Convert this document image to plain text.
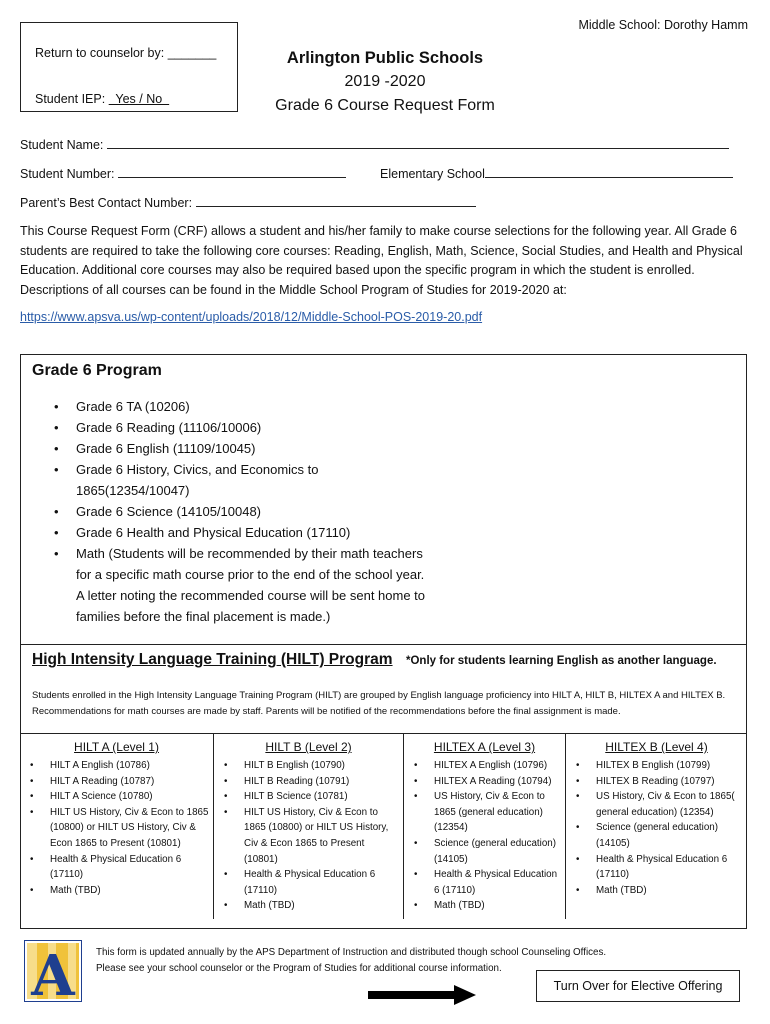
Middle School: Dorothy Hamm
Return to counselor by: _______
Student IEP:   Yes / No
Arlington Public Schools
2019 -2020
Grade 6 Course Request Form
Student Name:
Student Number:	Elementary School
Parent’s Best Contact Number:
This Course Request Form (CRF) allows a student and his/her family to make course selections for the following year. All Grade 6 students are required to take the following core courses: Reading, English, Math, Science, Social Studies, and Health and Physical Education. Additional core courses may also be required based upon the specific program in which the student is enrolled. Descriptions of all courses can be found in the Middle School Program of Studies for 2019-2020 at:
https://www.apsva.us/wp-content/uploads/2018/12/Middle-School-POS-2019-20.pdf
Grade 6 Program
• Grade 6 TA (10206)
• Grade 6 Reading (11106/10006)
• Grade 6 English (11109/10045)
• Grade 6 History, Civics, and Economics to 1865(12354/10047)
• Grade 6 Science (14105/10048)
• Grade 6 Health and Physical Education (17110)
• Math (Students will be recommended by their math teachers for a specific math course prior to the end of the school year. A letter noting the recommended course will be sent home to families before the final placement is made.)
High Intensity Language Training (HILT) Program *Only for students learning English as another language.
Students enrolled in the High Intensity Language Training Program (HILT) are grouped by English language proficiency into HILT A, HILT B, HILTEX A and HILTEX B. Recommendations for math courses are made by staff. Parents will be notified of the recommendations before the final assignment is made.
HILT A (Level 1)
• HILT A English (10786)
• HILT A Reading (10787)
• HILT A Science (10780)
• HILT US History, Civ & Econ to 1865 (10800) or HILT US History, Civ & Econ 1865 to Present (10801)
• Health & Physical Education 6 (17110)
• Math (TBD)
HILT B (Level 2)
• HILT B English (10790)
• HILT B Reading (10791)
• HILT B Science (10781)
• HILT US History, Civ & Econ to 1865 (10800) or HILT US History, Civ & Econ 1865 to Present (10801)
• Health & Physical Education 6 (17110)
• Math (TBD)
HILTEX A (Level 3)
• HILTEX A English (10796)
• HILTEX A Reading (10794)
• US History, Civ & Econ to 1865 (general education) (12354)
• Science (general education)(14105)
• Health & Physical Education 6 (17110)
• Math (TBD)
HILTEX B (Level 4)
• HILTEX B English (10799)
• HILTEX B Reading (10797)
• US History, Civ & Econ to 1865( general education) (12354)
• Science (general education) (14105)
• Health & Physical Education 6 (17110)
• Math (TBD)
A This form is updated annually by the APS Department of Instruction and distributed though school Counseling Offices.
Please see your school counselor or the Program of Studies for additional course information.
Turn Over for Elective Offering
